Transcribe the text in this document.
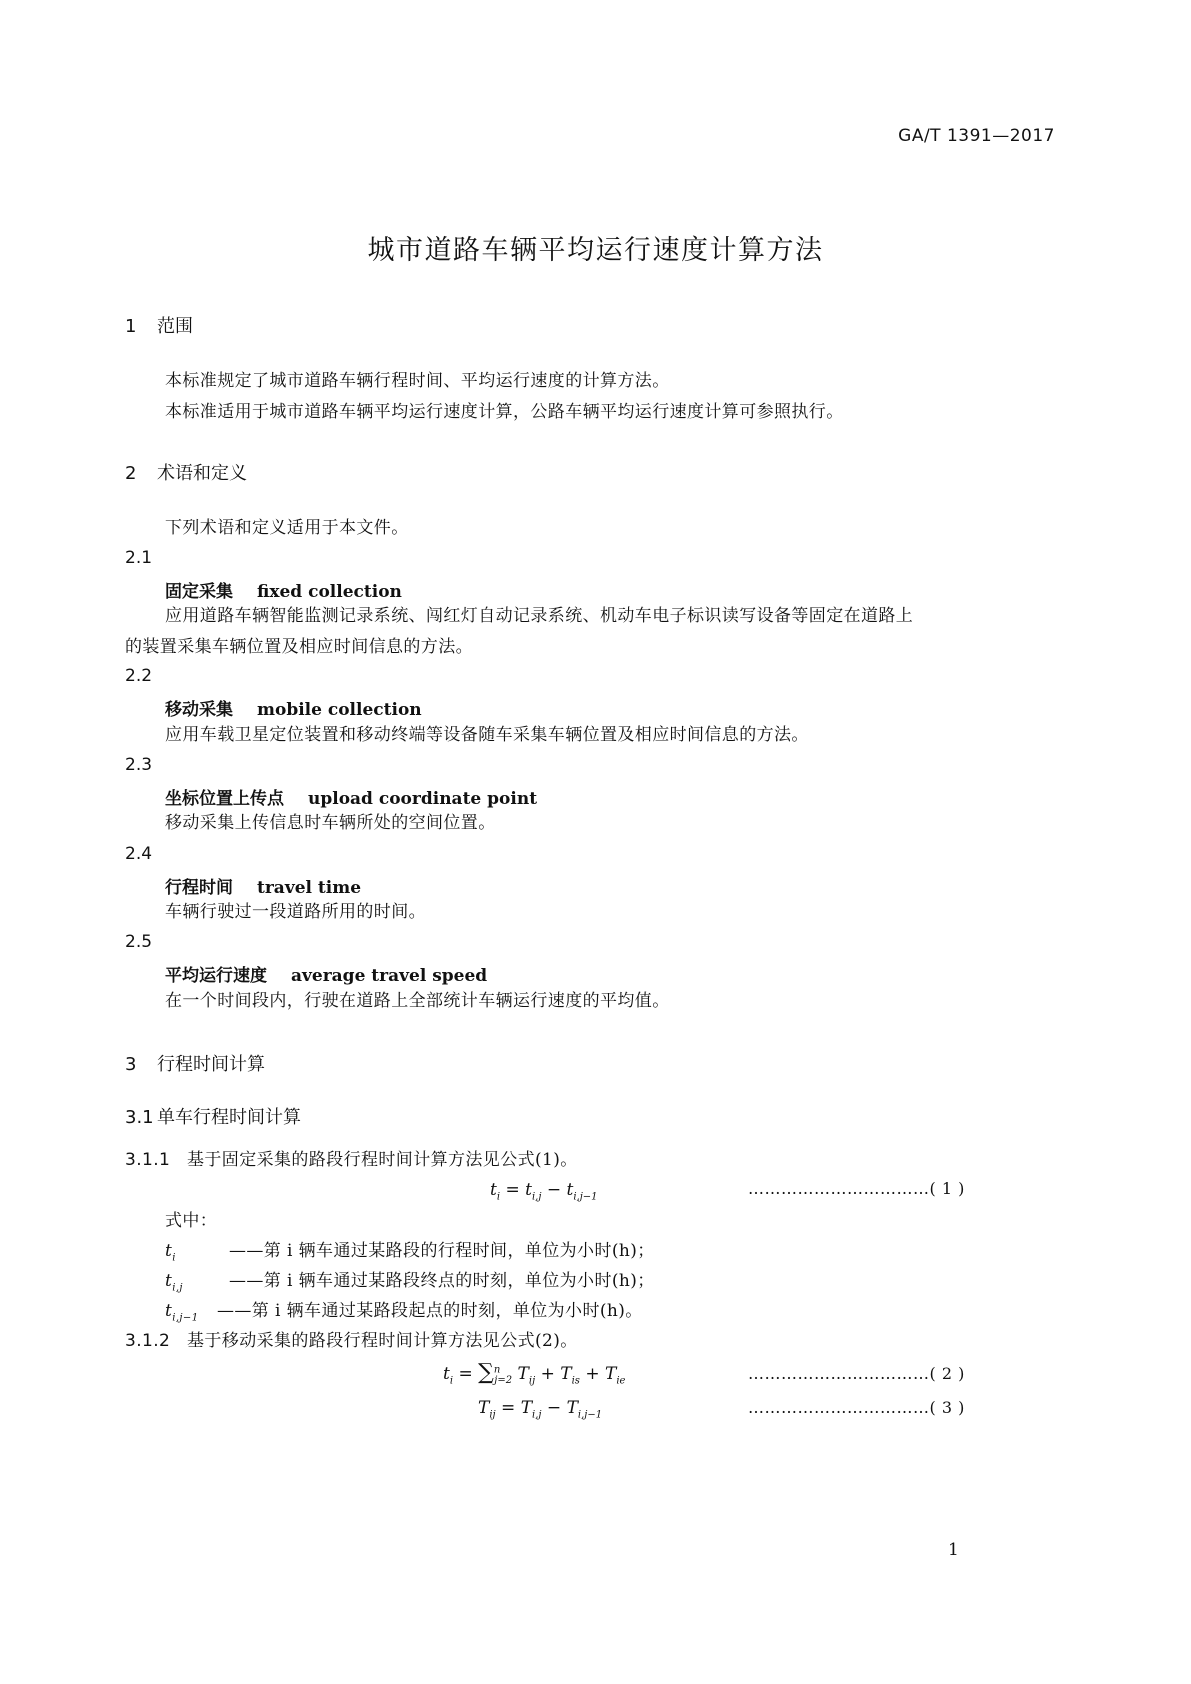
GA/T 1391—2017
城市道路车辆平均运行速度计算方法
1 范围
本标准规定了城市道路车辆行程时间、平均运行速度的计算方法。
本标准适用于城市道路车辆平均运行速度计算，公路车辆平均运行速度计算可参照执行。
2 术语和定义
下列术语和定义适用于本文件。
2.1
固定采集 fixed collection
应用道路车辆智能监测记录系统、闯红灯自动记录系统、机动车电子标识读写设备等固定在道路上
的装置采集车辆位置及相应时间信息的方法。
2.2
移动采集 mobile collection
应用车载卫星定位装置和移动终端等设备随车采集车辆位置及相应时间信息的方法。
2.3
坐标位置上传点 upload coordinate point
移动采集上传信息时车辆所处的空间位置。
2.4
行程时间 travel time
车辆行驶过一段道路所用的时间。
2.5
平均运行速度 average travel speed
在一个时间段内，行驶在道路上全部统计车辆运行速度的平均值。
3 行程时间计算
3.1 单车行程时间计算
3.1.1 基于固定采集的路段行程时间计算方法见公式(1)。
$t_i = t_{i,j} - t_{i,j-1}$	……………………………( 1 )
式中：
$t_i$	——第 i 辆车通过某路段的行程时间，单位为小时(h)；
$t_{i,j}$	——第 i 辆车通过某路段终点的时刻，单位为小时(h)；
$t_{i,j-1}$ ——第 i 辆车通过某路段起点的时刻，单位为小时(h)。
3.1.2 基于移动采集的路段行程时间计算方法见公式(2)。
$t_i = \sum^n_{j=2}$ $T_{ij} + T_{is} + T_{ie}$	……………………………( 2 )
$T_{ij} = T_{i,j} - T_{i,j-1}$	……………………………( 3 )
1
